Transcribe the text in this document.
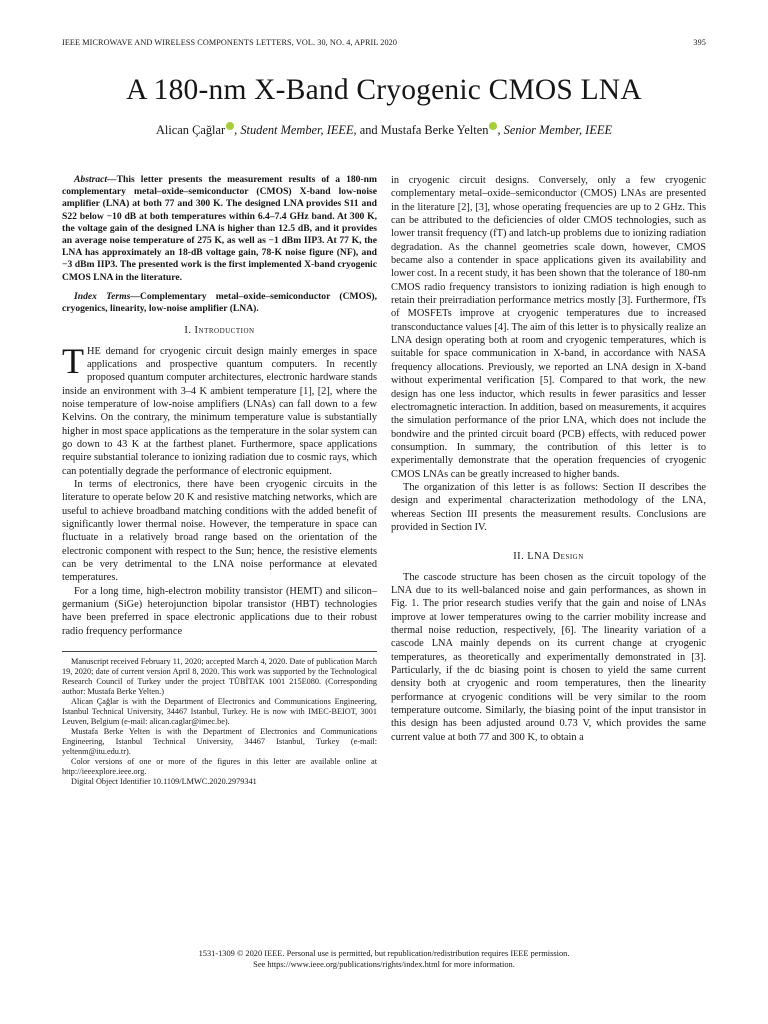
IEEE MICROWAVE AND WIRELESS COMPONENTS LETTERS, VOL. 30, NO. 4, APRIL 2020	395
A 180-nm X-Band Cryogenic CMOS LNA
Alican Çağlar , Student Member, IEEE, and Mustafa Berke Yelten , Senior Member, IEEE

Abstract—This letter presents the measurement results of a 180-nm complementary metal–oxide–semiconductor (CMOS) X-band low-noise amplifier (LNA) at both 77 and 300 K. The designed LNA provides S11 and S22 below −10 dB at both temperatures within 6.4–7.4 GHz band. At 300 K, the voltage gain of the designed LNA is higher than 12.5 dB, and it provides an average noise temperature of 275 K, as well as −1 dBm IIP3. At 77 K, the LNA has approximately an 18-dB voltage gain, 78-K noise figure (NF), and −3 dBm IIP3. The presented work is the first implemented X-band cryogenic CMOS LNA in the literature.

Index Terms—Complementary metal–oxide–semiconductor (CMOS), cryogenics, linearity, low-noise amplifier (LNA).

I. Introduction

THE demand for cryogenic circuit design mainly emerges in space applications and prospective quantum computers. In recently proposed quantum computer architectures, electronic hardware stands inside an environment with 3–4 K ambient temperature [1], [2], where the noise temperature of low-noise amplifiers (LNAs) can fall down to a few Kelvins. On the contrary, the minimum temperature value is substantially higher in most space applications as the temperature in the solar system can go down to 43 K at the farthest planet. Furthermore, space applications require substantial tolerance to ionizing radiation due to cosmic rays, which can potentially degrade the performance of electronic equipment.

In terms of electronics, there have been cryogenic circuits in the literature to operate below 20 K and resistive matching networks, which are useful to achieve broadband matching conditions with the added benefit of significantly lower thermal noise. However, the temperature in space can fluctuate in a relatively broad range based on the orientation of the electronic component with respect to the Sun; hence, the resistive elements can be very detrimental to the LNA noise performance at elevated temperatures.

For a long time, high-electron mobility transistor (HEMT) and silicon–germanium (SiGe) heterojunction bipolar transistor (HBT) technologies have been preferred in space electronic applications due to their robust radio frequency performance

Manuscript received February 11, 2020; accepted March 4, 2020. Date of publication March 19, 2020; date of current version April 8, 2020. This work was supported by the Technological Research Council of Turkey under the project TÜBİTAK 1001 215E080. (Corresponding author: Mustafa Berke Yelten.)

Alican Çağlar is with the Department of Electronics and Communications Engineering, Istanbul Technical University, 34467 Istanbul, Turkey. He is now with IMEC-BEIOT, 3001 Leuven, Belgium (e-mail: alican.caglar@imec.be).

Mustafa Berke Yelten is with the Department of Electronics and Communications Engineering, Istanbul Technical University, 34467 Istanbul, Turkey (e-mail: yeltenm@itu.edu.tr).

Color versions of one or more of the figures in this letter are available online at http://ieeexplore.ieee.org.

Digital Object Identifier 10.1109/LMWC.2020.2979341

in cryogenic circuit designs. Conversely, only a few cryogenic complementary metal–oxide–semiconductor (CMOS) LNAs are presented in the literature [2], [3], whose operating frequencies are up to 2 GHz. This can be attributed to the deficiencies of older CMOS technologies, such as lower transit frequency (fT) and latch-up problems due to ionizing radiation degradation. As the channel geometries scale down, however, CMOS became also a contender in space applications given its availability and lower cost. In a recent study, it has been shown that the tolerance of 180-nm CMOS radio frequency transistors to ionizing radiation is high enough to retain their preirradiation performance metrics mostly [3]. Furthermore, fTs of MOSFETs improve at cryogenic temperatures due to increased transconductance values [4]. The aim of this letter is to physically realize an LNA design operating both at room and cryogenic temperatures, which is suitable for space communication in X-band, in accordance with NASA frequency allocations. Previously, we reported an LNA design in X-band without experimental verification [5]. Compared to that work, the new design has one less inductor, which results in fewer parasitics and lesser electromagnetic interaction. In addition, based on measurements, it acquires the simulation performance of the prior LNA, which does not include the bondwire and the printed circuit board (PCB) effects, with reduced power consumption. In summary, the contribution of this letter is to experimentally demonstrate that the operation frequencies of cryogenic CMOS LNAs can be greatly increased to higher bands.

The organization of this letter is as follows: Section II describes the design and experimental characterization methodology of the LNA, whereas Section III presents the measurement results. Conclusions are provided in Section IV.

II. LNA Design

The cascode structure has been chosen as the circuit topology of the LNA due to its well-balanced noise and gain performances, as shown in Fig. 1. The prior research studies verify that the gain and noise of LNAs improve at lower temperatures owing to the carrier mobility increase and thermal noise reduction, respectively, [6]. The linearity variation of a cascode LNA mainly depends on its current change at cryogenic temperatures, as theoretically and experimentally demonstrated in [3]. Particularly, if the dc biasing point is chosen to yield the same current density both at cryogenic and room temperatures, then the linearity performance at cryogenic conditions will be very similar to the room temperature outcome. Similarly, the biasing point of the input transistor in this design has been adjusted around 0.73 V, which provides the same current value at both 77 and 300 K, to obtain a

1531-1309 © 2020 IEEE. Personal use is permitted, but republication/redistribution requires IEEE permission.
See https://www.ieee.org/publications/rights/index.html for more information.
